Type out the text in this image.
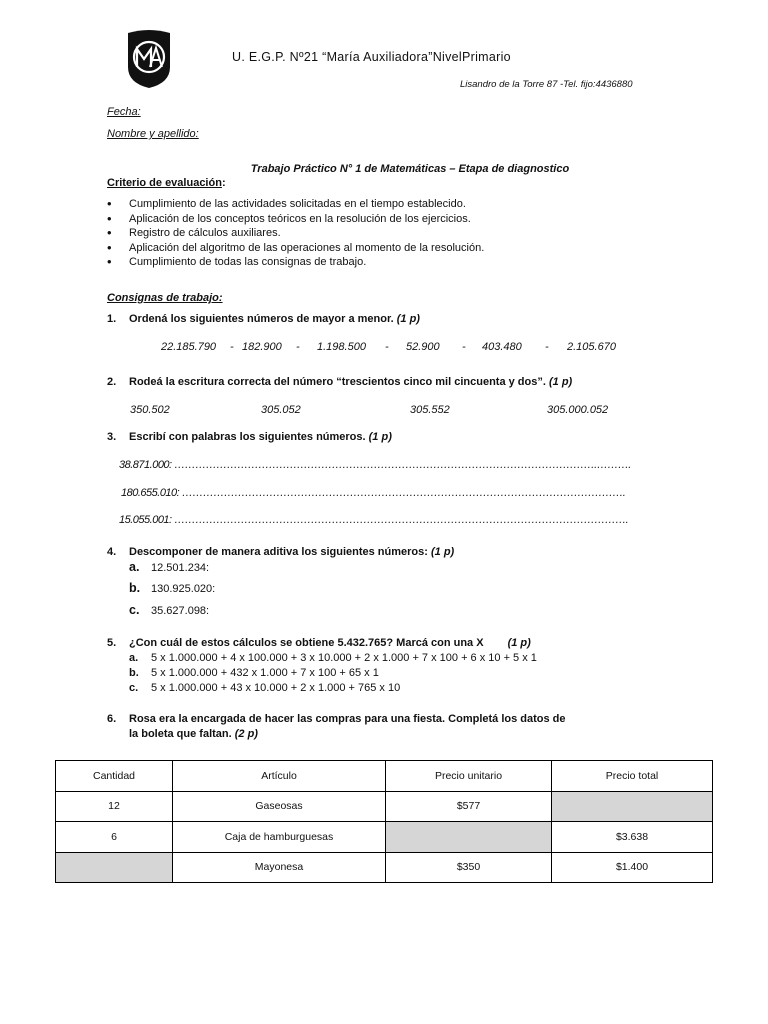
U. E.G.P. Nº21 “María Auxiliadora”NivelPrimario
Lisandro de la Torre 87 -Tel. fijo:4436880
Fecha:
Nombre y apellido:
Trabajo Práctico N° 1 de Matemáticas – Etapa de diagnostico
Criterio de evaluación:
• Cumplimiento de las actividades solicitadas en el tiempo establecido.
• Aplicación de los conceptos teóricos en la resolución de los ejercicios.
• Registro de cálculos auxiliares.
• Aplicación del algoritmo de las operaciones al momento de la resolución.
• Cumplimiento de todas las consignas de trabajo.
Consignas de trabajo:
1. Ordená los siguientes números de mayor a menor. (1 p)
22.185.790 - 182.900 - 1.198.500 - 52.900 - 403.480 - 2.105.670
2. Rodeá la escritura correcta del número “trescientos cinco mil cincuenta y dos”. (1 p)
350.502	305.052	305.552	305.000.052
3. Escribí con palabras los siguientes números. (1 p)
38.871.000: ………………………………………………………………………………………………………….……….
180.655.010: ……………………………………………………………………………………………………………….
15.055.001: ………………………………………………………………………………………………………………….
4. Descomponer de manera aditiva los siguientes números: (1 p)
a. 12.501.234:
b. 130.925.020:
c. 35.627.098:
5. ¿Con cuál de estos cálculos se obtiene 5.432.765? Marcá con una X (1 p)
a. 5 x 1.000.000 + 4 x 100.000 + 3 x 10.000 + 2 x 1.000 + 7 x 100 + 6 x 10 + 5 x 1
b. 5 x 1.000.000 + 432 x 1.000 + 7 x 100 + 65 x 1
c. 5 x 1.000.000 + 43 x 10.000 + 2 x 1.000 + 765 x 10
6. Rosa era la encargada de hacer las compras para una fiesta. Completá los datos de
la boleta que faltan. (2 p)
Cantidad	Artículo	Precio unitario	Precio total
12	Gaseosas	$577	
6	Caja de hamburguesas		$3.638
	Mayonesa	$350	$1.400
